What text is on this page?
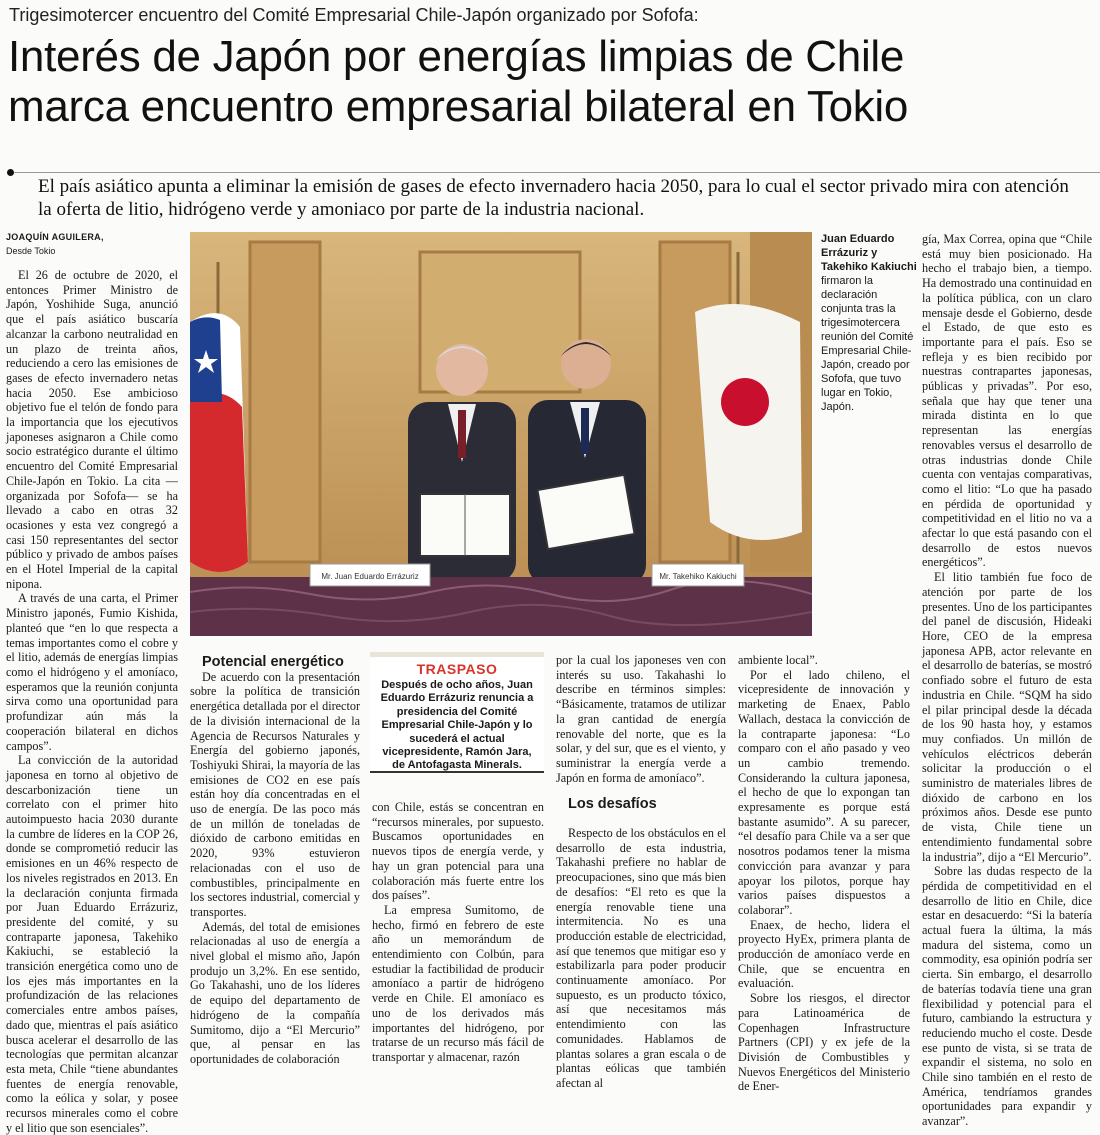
Trigesimotercer encuentro del Comité Empresarial Chile-Japón organizado por Sofofa:
Interés de Japón por energías limpias de Chile
marca encuentro empresarial bilateral en Tokio
El país asiático apunta a eliminar la emisión de gases de efecto invernadero hacia 2050, para lo cual el sector privado mira con atención la oferta de litio, hidrógeno verde y amoniaco por parte de la industria nacional.
JOAQUÍN AGUILERA,
Desde Tokio

El 26 de octubre de 2020, el entonces Primer Ministro de Japón, Yoshihide Suga, anunció que el país asiático buscaría alcanzar la carbono neutralidad en un plazo de treinta años, reduciendo a cero las emisiones de gases de efecto invernadero netas hacia 2050. Ese ambicioso objetivo fue el telón de fondo para la importancia que los ejecutivos japoneses asignaron a Chile como socio estratégico durante el último encuentro del Comité Empresarial Chile-Japón en Tokio. La cita —organizada por Sofofa— se ha llevado a cabo en otras 32 ocasiones y esta vez congregó a casi 150 representantes del sector público y privado de ambos países en el Hotel Imperial de la capital nipona.

A través de una carta, el Primer Ministro japonés, Fumio Kishida, planteó que “en lo que respecta a temas importantes como el cobre y el litio, además de energías limpias como el hidrógeno y el amoníaco, esperamos que la reunión conjunta sirva como una oportunidad para profundizar aún más la cooperación bilateral en dichos campos”.

La convicción de la autoridad japonesa en torno al objetivo de descarbonización tiene un correlato con el primer hito autoimpuesto hacia 2030 durante la cumbre de líderes en la COP 26, donde se comprometió reducir las emisiones en un 46% respecto de los niveles registrados en 2013. En la declaración conjunta firmada por Juan Eduardo Errázuriz, presidente del comité, y su contraparte japonesa, Takehiko Kakiuchi, se estableció la transición energética como uno de los ejes más importantes en la profundización de las relaciones comerciales entre ambos países, dado que, mientras el país asiático busca acelerar el desarrollo de las tecnologías que permitan alcanzar esta meta, Chile “tiene abundantes fuentes de energía renovable, como la eólica y solar, y posee recursos minerales como el cobre y el litio que son esenciales”.

Mr. Juan Eduardo Errázuriz	Mr. Takehiko Kakiuchi
Juan Eduardo Errázuriz y Takehiko Kakiuchi firmaron la declaración conjunta tras la trigesimotercera reunión del Comité Empresarial Chile-Japón, creado por Sofofa, que tuvo lugar en Tokio, Japón.

gía, Max Correa, opina que “Chile está muy bien posicionado. Ha hecho el trabajo bien, a tiempo. Ha demostrado una continuidad en la política pública, con un claro mensaje desde el Gobierno, desde el Estado, de que esto es importante para el país. Eso se refleja y es bien recibido por nuestras contrapartes japonesas, públicas y privadas”. Por eso, señala que hay que tener una mirada distinta en lo que representan las energías renovables versus el desarrollo de otras industrias donde Chile cuenta con ventajas comparativas, como el litio: “Lo que ha pasado en pérdida de oportunidad y competitividad en el litio no va a afectar lo que está pasando con el desarrollo de estos nuevos energéticos”.

El litio también fue foco de atención por parte de los presentes. Uno de los participantes del panel de discusión, Hideaki Hore, CEO de la empresa japonesa APB, actor relevante en el desarrollo de baterías, se mostró confiado sobre el futuro de esta industria en Chile. “SQM ha sido el pilar principal desde la década de los 90 hasta hoy, y estamos muy confiados. Un millón de vehículos eléctricos deberán solicitar la producción o el suministro de materiales libres de dióxido de carbono en los próximos años. Desde ese punto de vista, Chile tiene un entendimiento fundamental sobre la industria”, dijo a “El Mercurio”.

Sobre las dudas respecto de la pérdida de competitividad en el desarrollo de litio en Chile, dice estar en desacuerdo: “Si la batería actual fuera la última, la más madura del sistema, como un commodity, esa opinión podría ser cierta. Sin embargo, el desarrollo de baterías todavía tiene una gran flexibilidad y potencial para el futuro, cambiando la estructura y reduciendo mucho el coste. Desde ese punto de vista, si se trata de expandir el sistema, no solo en Chile sino también en el resto de América, tendríamos grandes oportunidades para expandir y avanzar”.

Potencial energético

De acuerdo con la presentación sobre la política de transición energética detallada por el director de la división internacional de la Agencia de Recursos Naturales y Energía del gobierno japonés, Toshiyuki Shirai, la mayoría de las emisiones de CO2 en ese país están hoy día concentradas en el uso de energía. De las poco más de un millón de toneladas de dióxido de carbono emitidas en 2020, 93% estuvieron relacionadas con el uso de combustibles, principalmente en los sectores industrial, comercial y transportes.

Además, del total de emisiones relacionadas al uso de energía a nivel global el mismo año, Japón produjo un 3,2%. En ese sentido, Go Takahashi, uno de los líderes de equipo del departamento de hidrógeno de la compañía Sumitomo, dijo a “El Mercurio” que, al pensar en las oportunidades de colaboración

TRASPASO
Después de ocho años, Juan Eduardo Errázuriz renuncia a presidencia del Comité Empresarial Chile-Japón y lo sucederá el actual vicepresidente, Ramón Jara, de Antofagasta Minerals.

con Chile, estás se concentran en “recursos minerales, por supuesto. Buscamos oportunidades en nuevos tipos de energía verde, y hay un gran potencial para una colaboración más fuerte entre los dos países”.

La empresa Sumitomo, de hecho, firmó en febrero de este año un memorándum de entendimiento con Colbún, para estudiar la factibilidad de producir amoníaco a partir de hidrógeno verde en Chile. El amoníaco es uno de los derivados más importantes del hidrógeno, por tratarse de un recurso más fácil de transportar y almacenar, razón

por la cual los japoneses ven con interés su uso. Takahashi lo describe en términos simples: “Básicamente, tratamos de utilizar la gran cantidad de energía renovable del norte, que es la solar, y del sur, que es el viento, y suministrar la energía verde a Japón en forma de amoníaco”.

Los desafíos

Respecto de los obstáculos en el desarrollo de esta industria, Takahashi prefiere no hablar de preocupaciones, sino que más bien de desafíos: “El reto es que la energía renovable tiene una intermitencia. No es una producción estable de electricidad, así que tenemos que mitigar eso y estabilizarla para poder producir continuamente amoníaco. Por supuesto, es un producto tóxico, así que necesitamos más entendimiento con las comunidades. Hablamos de plantas solares a gran escala o de plantas eólicas que también afectan al

ambiente local”.

Por el lado chileno, el vicepresidente de innovación y marketing de Enaex, Pablo Wallach, destaca la convicción de la contraparte japonesa: “Lo comparo con el año pasado y veo un cambio tremendo. Considerando la cultura japonesa, el hecho de que lo expongan tan expresamente es porque está bastante asumido”. A su parecer, “el desafío para Chile va a ser que nosotros podamos tener la misma convicción para avanzar y para apoyar los pilotos, porque hay varios países dispuestos a colaborar”.

Enaex, de hecho, lidera el proyecto HyEx, primera planta de producción de amoníaco verde en Chile, que se encuentra en evaluación.

Sobre los riesgos, el director para Latinoamérica de Copenhagen Infrastructure Partners (CPI) y ex jefe de la División de Combustibles y Nuevos Energéticos del Ministerio de Ener-
